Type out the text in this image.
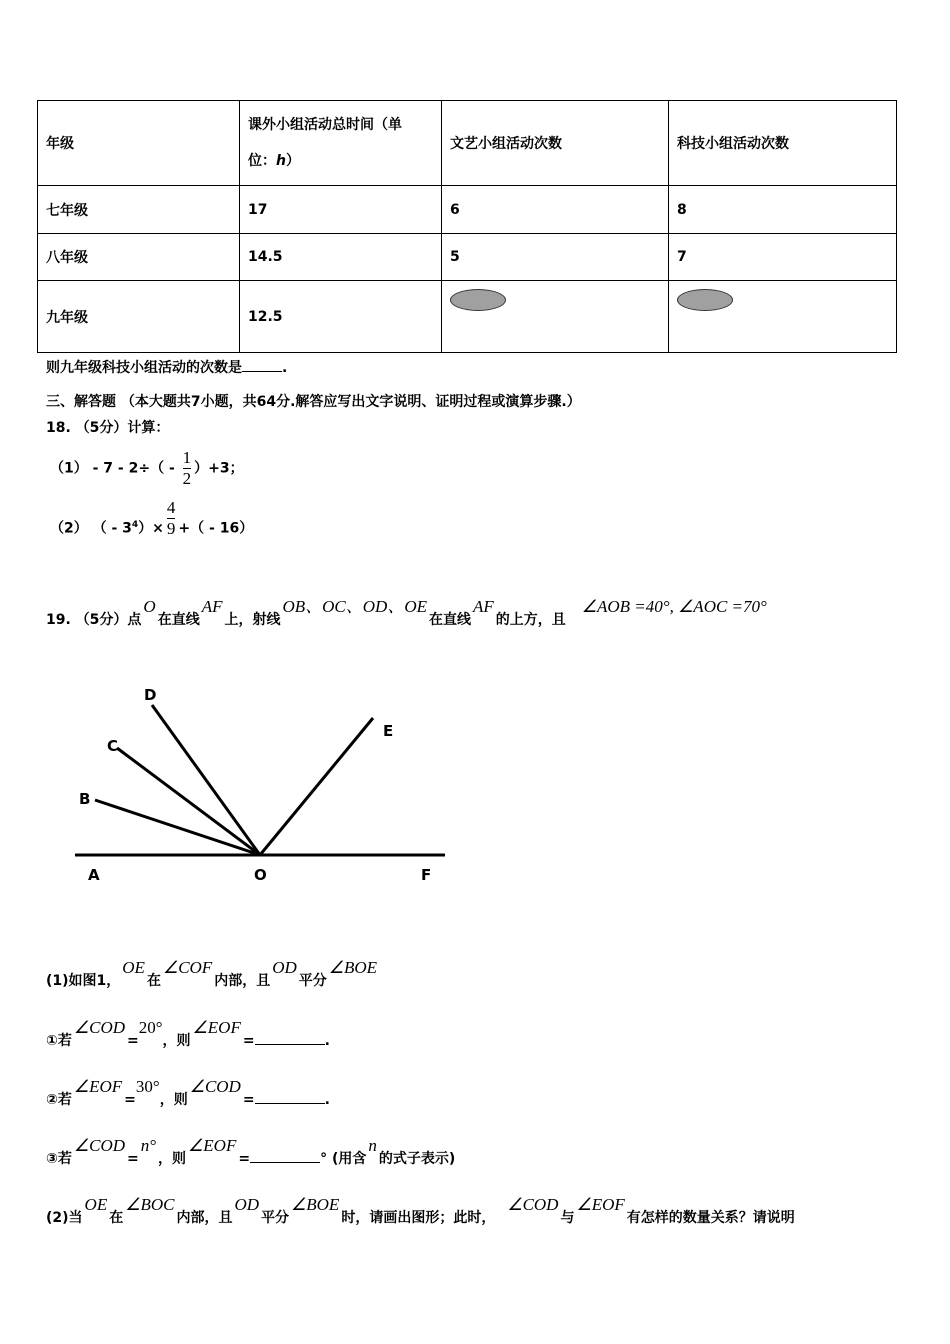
年级	课外小组活动总时间（单
位：h）	文艺小组活动次数	科技小组活动次数
七年级	17	6	8
八年级	14.5	5	7
九年级	12.5		
则九年级科技小组活动的次数是	.
三、解答题 （本大题共7小题，共64分.解答应写出文字说明、证明过程或演算步骤.）
18. （5分）计算：
$(1) - 7 - 2\div( - \frac{1}{2} )+3$；
（2） （ - $3^4)\times \frac{4}{9}$ +（ - 16）
19. （5分）点O在直线AF上，射线OB、OC、OD、OE在直线AF的上方，且∠AOB =40°, ∠AOC =70°
D
C
B
E
A	O	F
(1)如图1，OE在∠COF内部，且OD平分∠BOE
①若∠COD=20°，则∠EOF=	.
②若∠EOF=30°，则∠COD=	.
③若∠COD=n°，则∠EOF=	° (用含n的式子表示)
(2)当OE在∠BOC内部，且OD平分∠BOE时，请画出图形；此时，∠COD与∠EOF有怎样的数量关系？请说明
